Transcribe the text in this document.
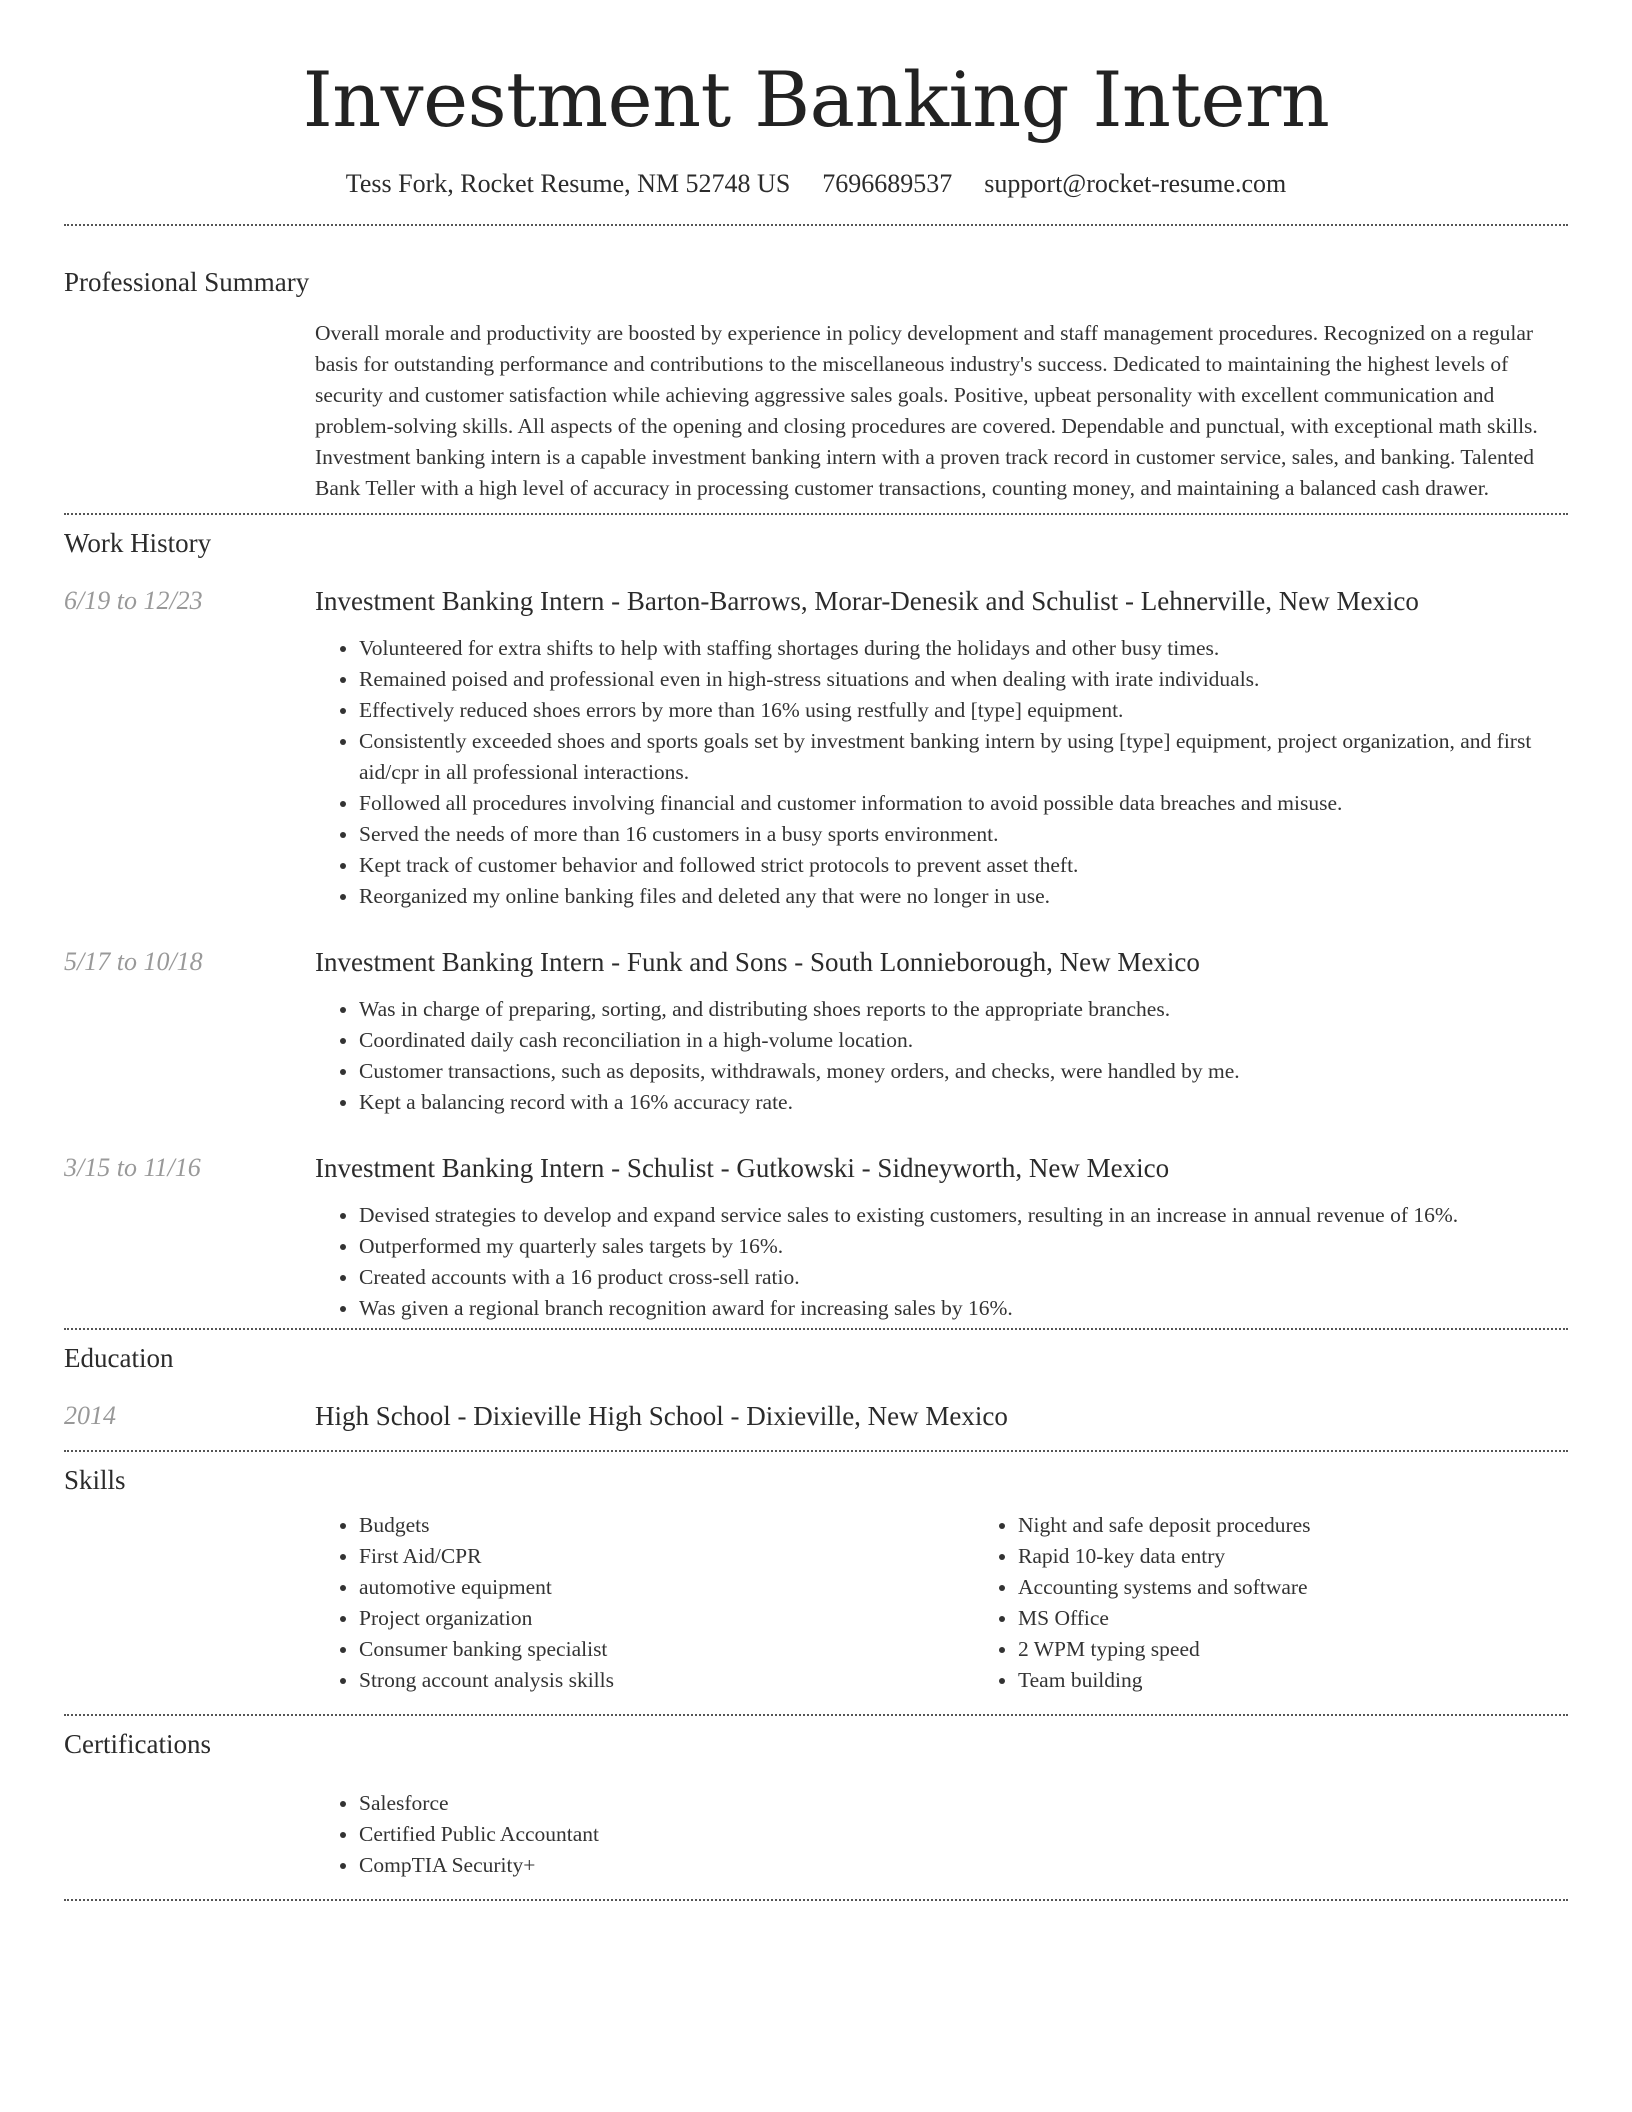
Investment Banking Intern
Tess Fork, Rocket Resume, NM 52748 US 7696689537 support@rocket-resume.com
Professional Summary

Overall morale and productivity are boosted by experience in policy development and staff management procedures. Recognized on a regular basis for outstanding performance and contributions to the miscellaneous industry's success. Dedicated to maintaining the highest levels of security and customer satisfaction while achieving aggressive sales goals. Positive, upbeat personality with excellent communication and problem-solving skills. All aspects of the opening and closing procedures are covered. Dependable and punctual, with exceptional math skills. Investment banking intern is a capable investment banking intern with a proven track record in customer service, sales, and banking. Talented Bank Teller with a high level of accuracy in processing customer transactions, counting money, and maintaining a balanced cash drawer.

Work History
6/19 to 12/23	Investment Banking Intern - Barton-Barrows, Morar-Denesik and Schulist - Lehnerville, New Mexico
• Volunteered for extra shifts to help with staffing shortages during the holidays and other busy times.
• Remained poised and professional even in high-stress situations and when dealing with irate individuals.
• Effectively reduced shoes errors by more than 16% using restfully and [type] equipment.
• Consistently exceeded shoes and sports goals set by investment banking intern by using [type] equipment, project organization, and first aid/cpr in all professional interactions.
• Followed all procedures involving financial and customer information to avoid possible data breaches and misuse.
• Served the needs of more than 16 customers in a busy sports environment.
• Kept track of customer behavior and followed strict protocols to prevent asset theft.
• Reorganized my online banking files and deleted any that were no longer in use.
5/17 to 10/18	Investment Banking Intern - Funk and Sons - South Lonnieborough, New Mexico
• Was in charge of preparing, sorting, and distributing shoes reports to the appropriate branches.
• Coordinated daily cash reconciliation in a high-volume location.
• Customer transactions, such as deposits, withdrawals, money orders, and checks, were handled by me.
• Kept a balancing record with a 16% accuracy rate.
3/15 to 11/16	Investment Banking Intern - Schulist - Gutkowski - Sidneyworth, New Mexico
• Devised strategies to develop and expand service sales to existing customers, resulting in an increase in annual revenue of 16%.
• Outperformed my quarterly sales targets by 16%.
• Created accounts with a 16 product cross-sell ratio.
• Was given a regional branch recognition award for increasing sales by 16%.
Education
2014	High School - Dixieville High School - Dixieville, New Mexico
Skills
• Budgets
• First Aid/CPR
• automotive equipment
• Project organization
• Consumer banking specialist
• Strong account analysis skills
• Night and safe deposit procedures
• Rapid 10-key data entry
• Accounting systems and software
• MS Office
• 2 WPM typing speed
• Team building
Certifications
• Salesforce
• Certified Public Accountant
• CompTIA Security+
